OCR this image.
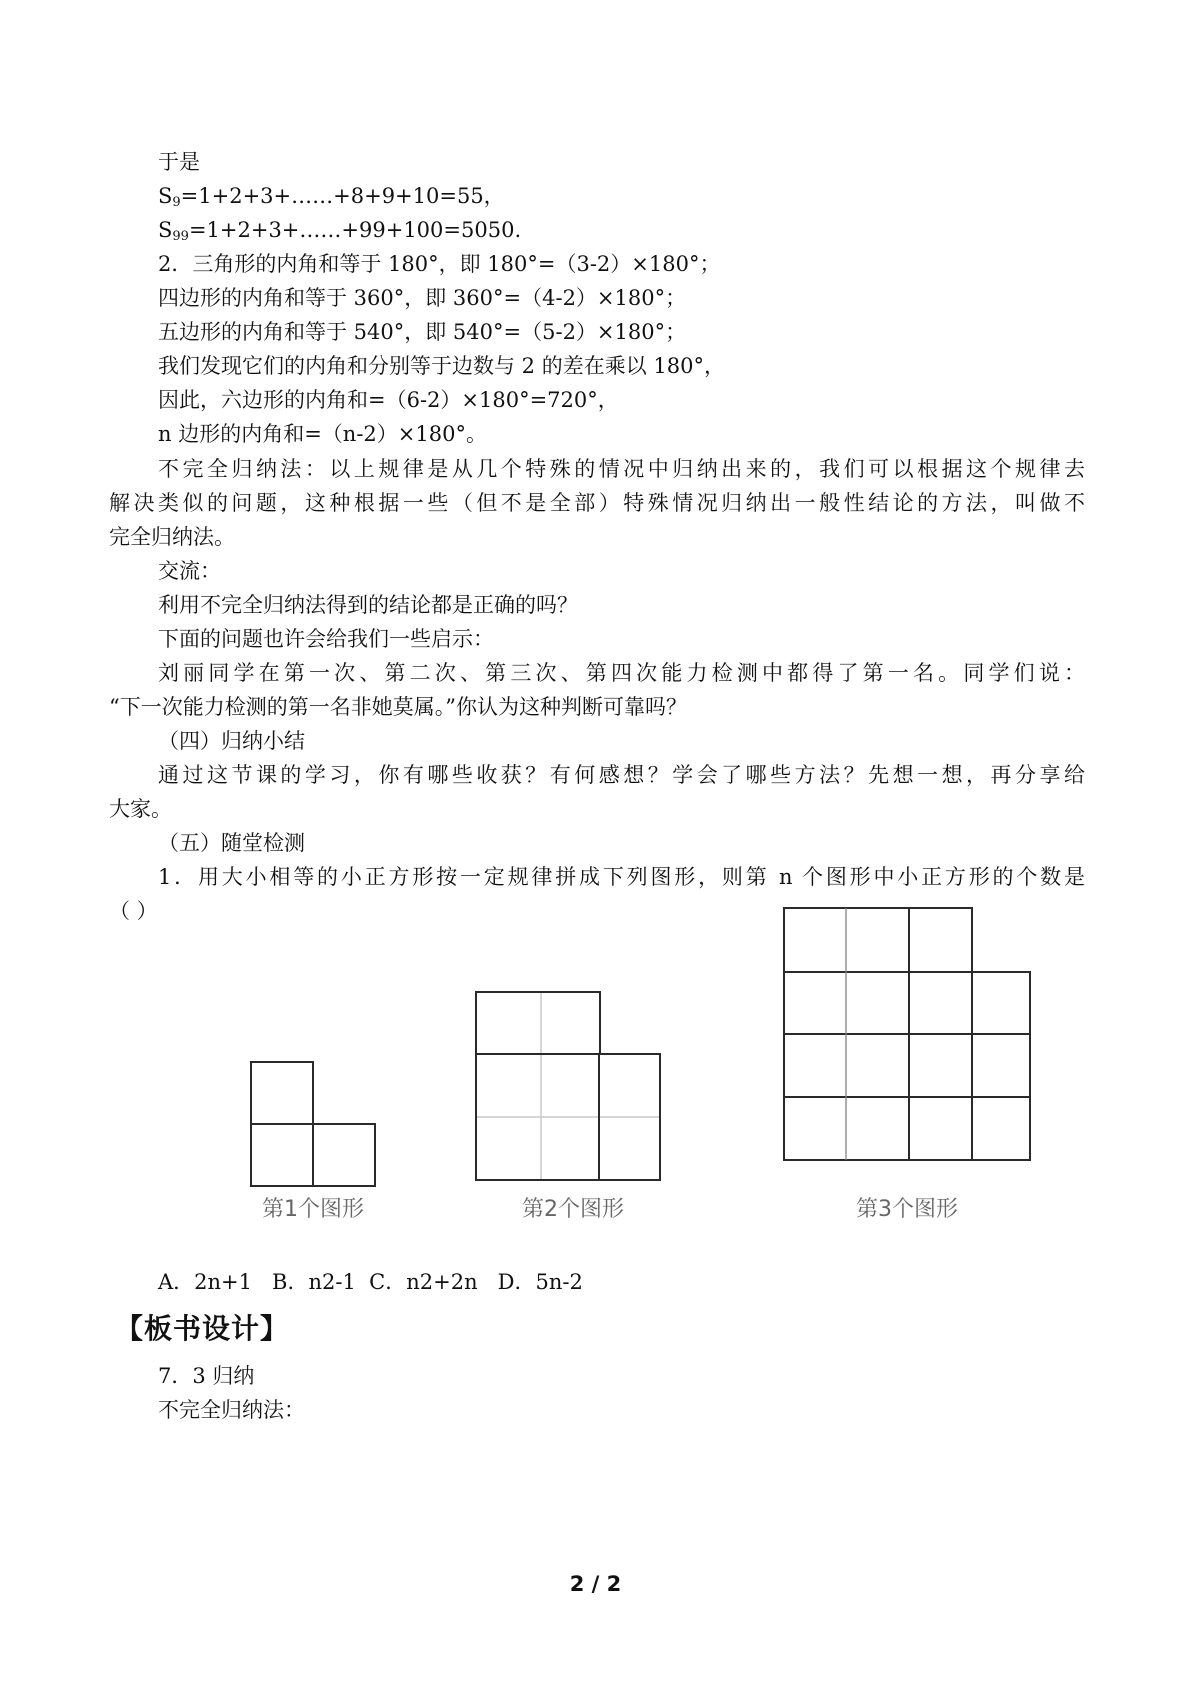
于是
$S_9=1+2+3+\dots\dots+8+9+10=55$，
$S_{99}=1+2+3+\dots\dots+99+100=5050$.
2．三角形的内角和等于 180°，即 180°=（3-2）×180°；
四边形的内角和等于 360°，即 360°=（4-2）×180°；
五边形的内角和等于 540°，即 540°=（5-2）×180°；
我们发现它们的内角和分别等于边数与 2 的差在乘以 180°，
因此，六边形的内角和=（6-2）×180°=720°，
n 边形的内角和=（n-2）×180°。
不完全归纳法：以上规律是从几个特殊的情况中归纳出来的，我们可以根据这个规律去
解决类似的问题，这种根据一些（但不是全部）特殊情况归纳出一般性结论的方法，叫做不
完全归纳法。
交流：
利用不完全归纳法得到的结论都是正确的吗？
下面的问题也许会给我们一些启示：
刘丽同学在第一次、第二次、第三次、第四次能力检测中都得了第一名。同学们说：
“下一次能力检测的第一名非她莫属。”你认为这种判断可靠吗？
（四）归纳小结
通过这节课的学习，你有哪些收获？有何感想？学会了哪些方法？先想一想，再分享给
大家。
（五）随堂检测
1．用大小相等的小正方形按一定规律拼成下列图形，则第 n 个图形中小正方形的个数是
（ ）
第1个图形	第2个图形	第3个图形
A．2n+1   B．n2-1  C．n2+2n   D．5n-2
【板书设计】
7．3 归纳
不完全归纳法：
2 / 2
